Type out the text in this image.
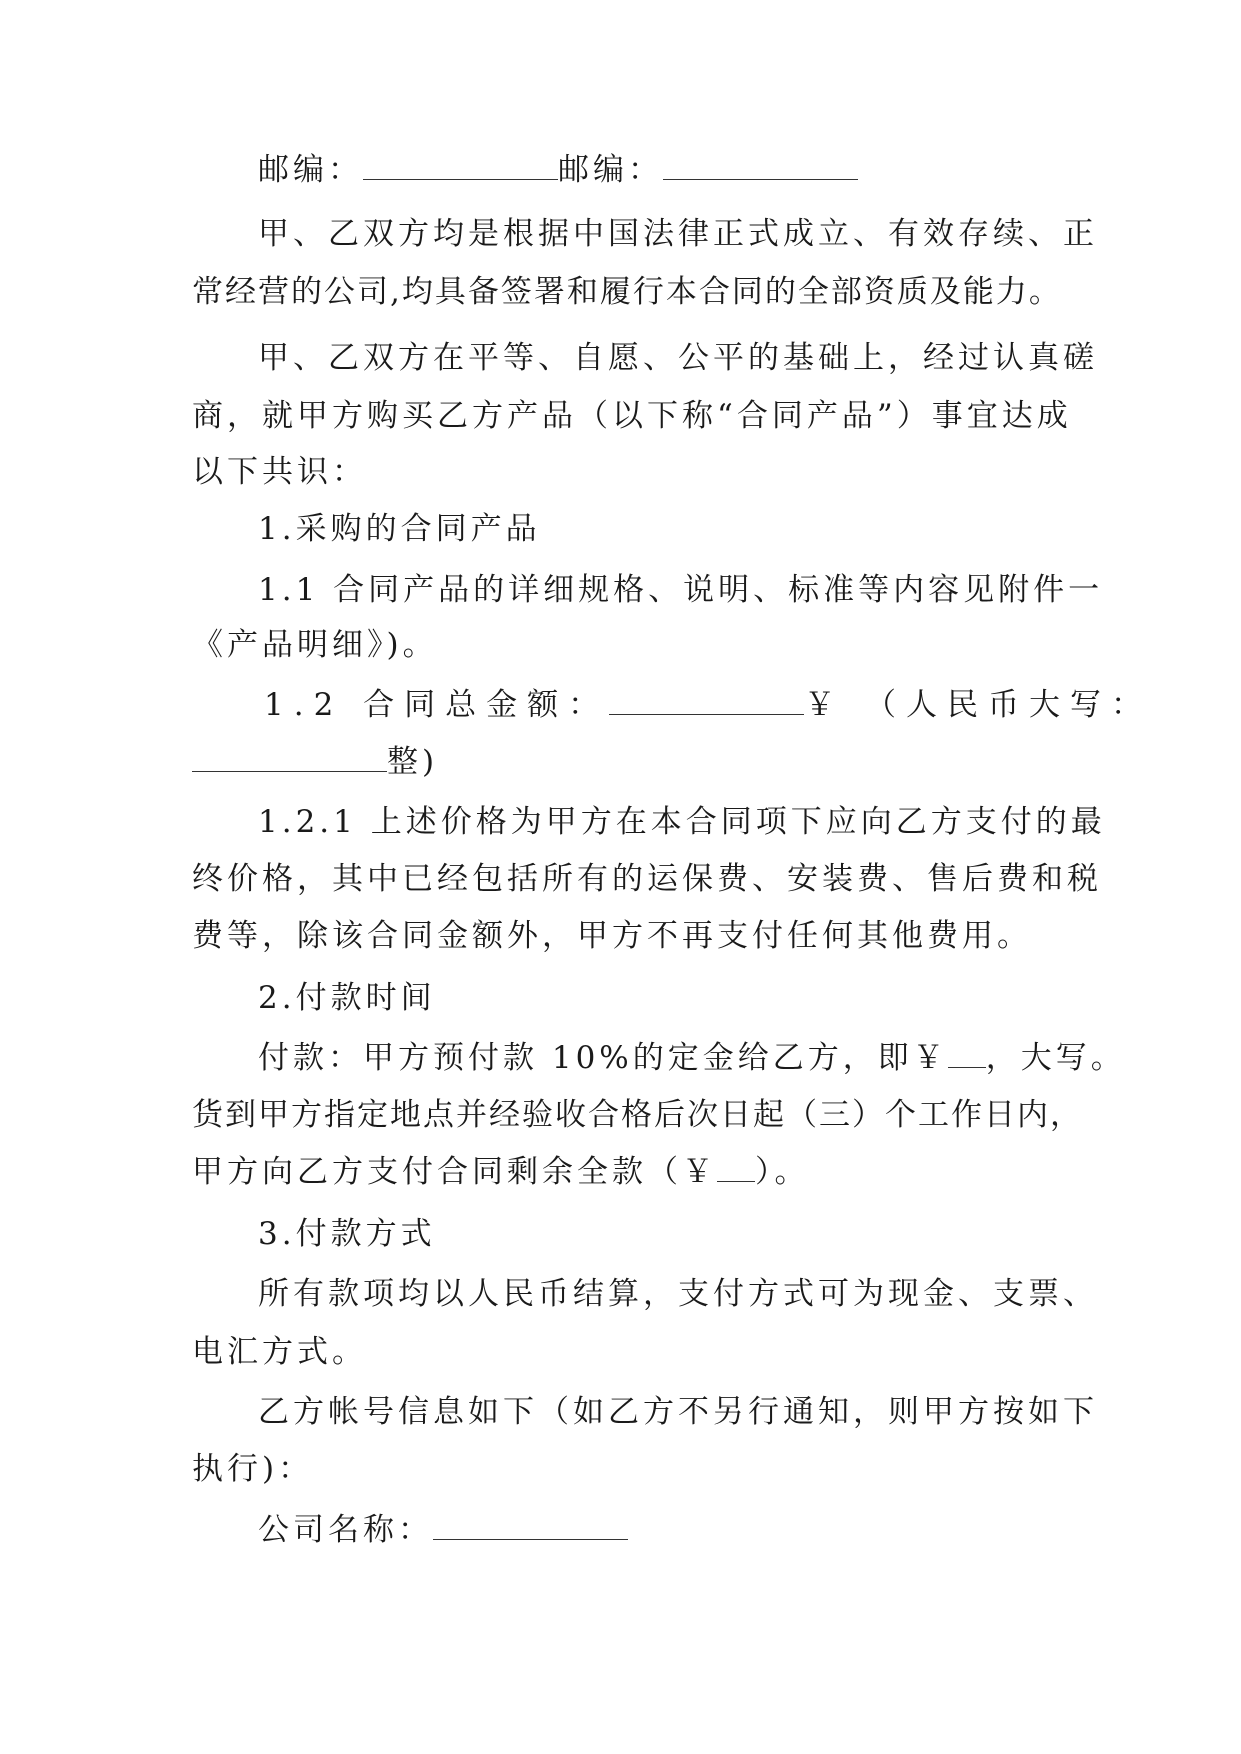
邮编：	邮编：
甲、乙双方均是根据中国法律正式成立、有效存续、正
常经营的公司,均具备签署和履行本合同的全部资质及能力。
甲、乙双方在平等、自愿、公平的基础上，经过认真磋
商，就甲方购买乙方产品（以下称“合同产品”）事宜达成
以下共识：
1.采购的合同产品
1.1 合同产品的详细规格、说明、标准等内容见附件一
《产品明细》)。
1.2 合同总金额：	￥ （人民币大写：
整)
1.2.1 上述价格为甲方在本合同项下应向乙方支付的最
终价格，其中已经包括所有的运保费、安装费、售后费和税
费等，除该合同金额外，甲方不再支付任何其他费用。
2.付款时间
付款：甲方预付款 10%的定金给乙方，即￥ ，大写。
货到甲方指定地点并经验收合格后次日起（三）个工作日内，
甲方向乙方支付合同剩余全款（￥ ）。
3.付款方式
所有款项均以人民币结算，支付方式可为现金、支票、
电汇方式。
乙方帐号信息如下（如乙方不另行通知，则甲方按如下
执行)：
公司名称：
